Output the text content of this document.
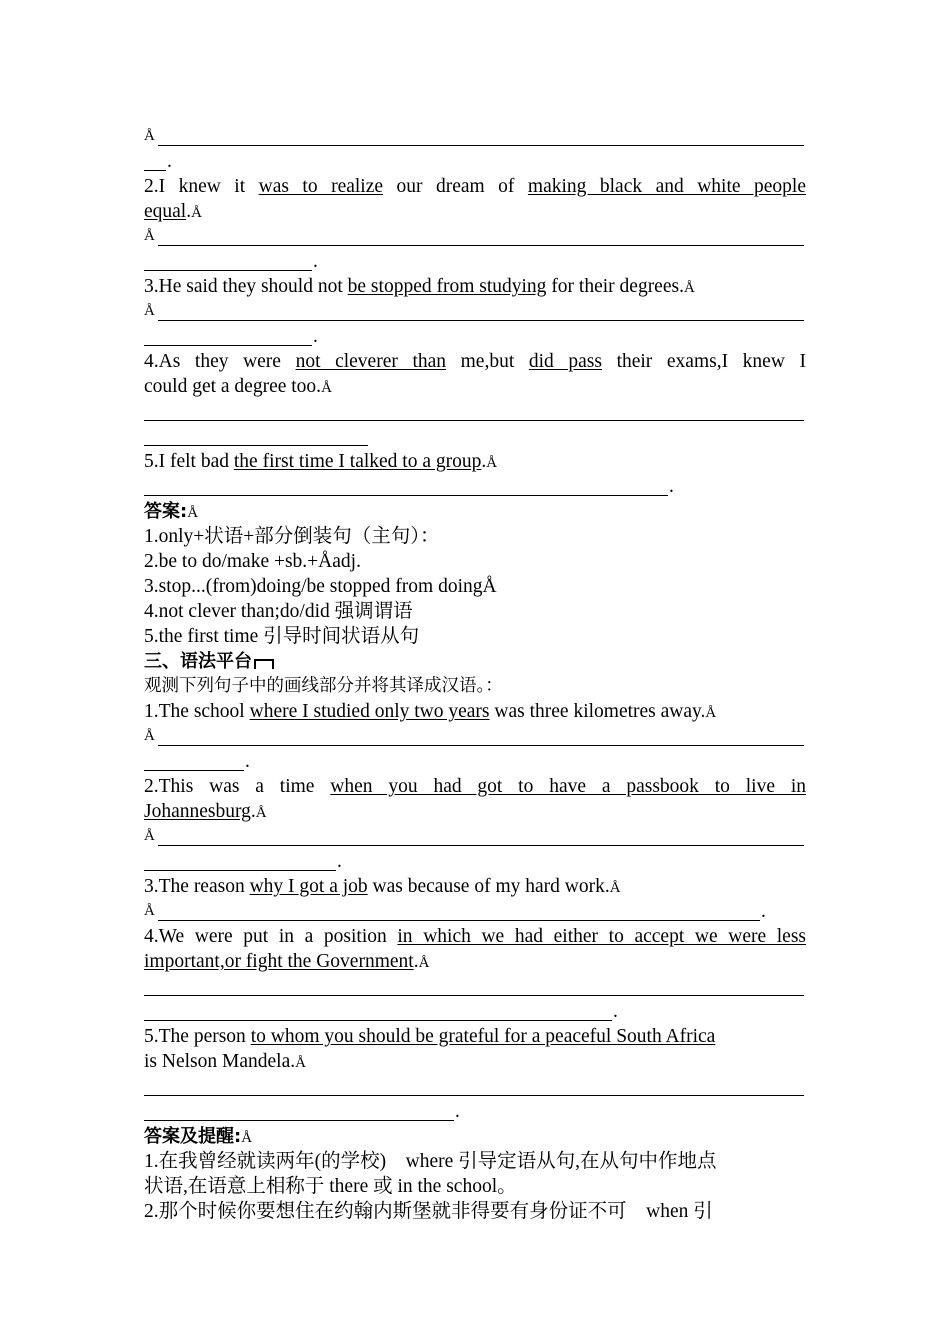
Å
.
2.I knew it was to realize our dream of making black and white people
equal.Å
Å
.
3.He said they should not be stopped from studying for their degrees.Å
Å
.
4.As they were not cleverer than me,but did pass their exams,I knew I
could get a degree too.Å
5.I felt bad the first time I talked to a group.Å
.
答案:Å
1.only+状语+部分倒装句（主句）：
2.be to do/make +sb.+Åadj.
3.stop...(from)doing/be stopped from doingÅ
4.not clever than;do/did 强调谓语
5.the first time 引导时间状语从句
三、语法平台
观测下列句子中的画线部分并将其译成汉语。：
1.The school where I studied only two years was three kilometres away.Å
Å
.
2.This was a time when you had got to have a passbook to live in
Johannesburg.Å
Å
.
3.The reason why I got a job was because of my hard work.Å
Å	.
4.We were put in a position in which we had either to accept we were less
important,or fight the Government.Å
.
5.The person to whom you should be grateful for a peaceful South Africa
is Nelson Mandela.Å
.
答案及提醒:Å
1.在我曾经就读两年(的学校)　where 引导定语从句,在从句中作地点
状语,在语意上相称于 there 或 in the school。
2.那个时候你要想住在约翰内斯堡就非得要有身份证不可　when 引
